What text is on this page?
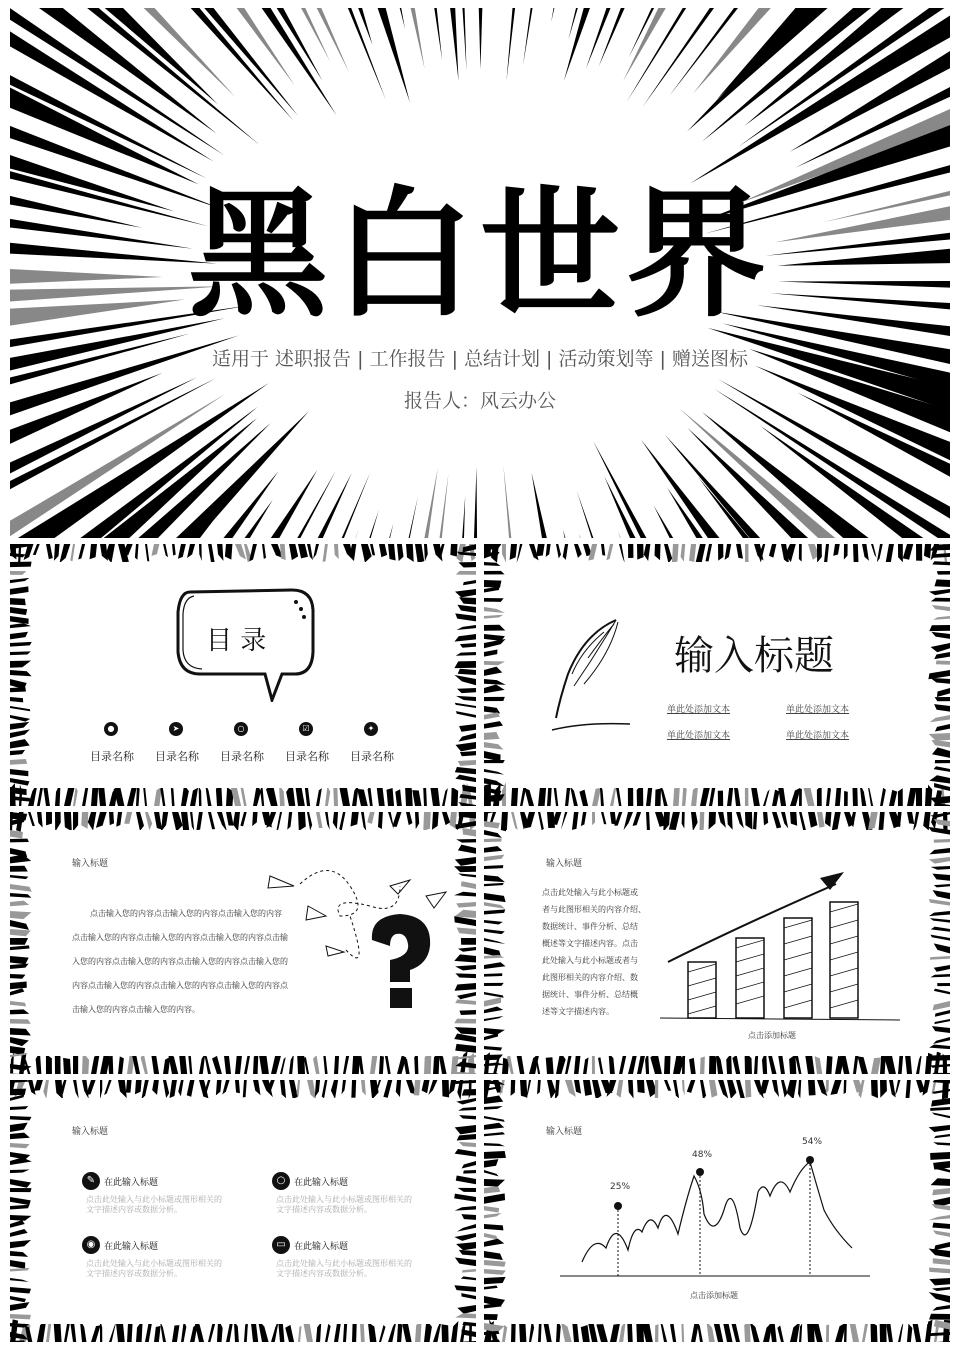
黑白世界
适用于 述职报告 | 工作报告 | 总结计划 | 活动策划等 | 赠送图标
报告人：风云办公
目 录
●
目录名称
➤
目录名称
○
目录名称
☑
目录名称
✦
目录名称
输入标题
单此处添加文本	单此处添加文本
单此处添加文本	单此处添加文本
输入标题
点击输入您的内容点击输入您的内容点击输入您的内容
点击输入您的内容点击输入您的内容点击输入您的内容点击输
入您的内容点击输入您的内容点击输入您的内容点击输入您的
内容点击输入您的内容点击输入您的内容点击输入您的内容点
击输入您的内容点击输入您的内容。
输入标题
点击此处输入与此小标题或
者与此图形相关的内容介绍、
数据统计、事件分析、总结
概述等文字描述内容。点击
此处输入与此小标题或者与
此图形相关的内容介绍、数
据统计、事件分析、总结概
述等文字描述内容。
点击添加标题
输入标题
✎ 在此输入标题
点击此处输入与此小标题或图形相关的
文字描述内容或数据分析。
○ 在此输入标题
点击此处输入与此小标题或图形相关的
文字描述内容或数据分析。
◉ 在此输入标题
点击此处输入与此小标题或图形相关的
文字描述内容或数据分析。
▭ 在此输入标题
点击此处输入与此小标题或图形相关的
文字描述内容或数据分析。
输入标题
25%
48%
54%
点击添加标题
